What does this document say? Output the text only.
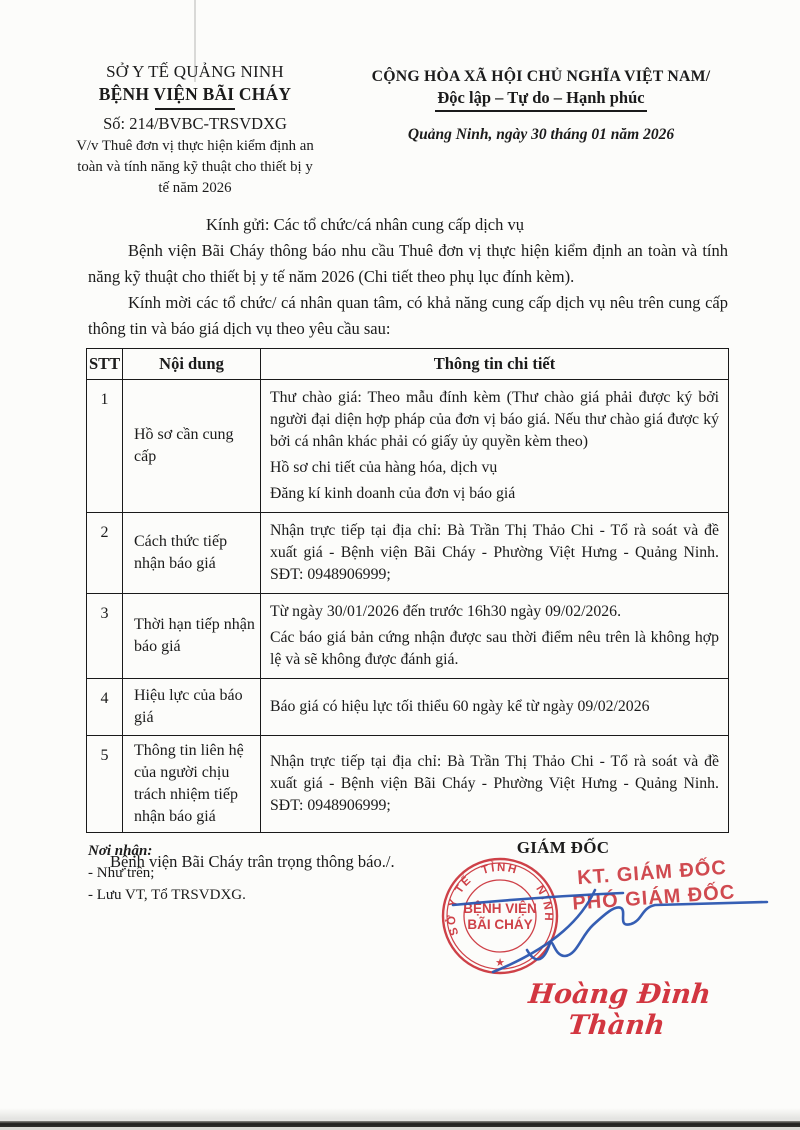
SỞ Y TẾ QUẢNG NINH
BỆNH VIỆN BÃI CHÁY
Số: 214/BVBC-TRSVDXG
V/v Thuê đơn vị thực hiện kiểm định an toàn và tính năng kỹ thuật cho thiết bị y tế năm 2026
CỘNG HÒA XÃ HỘI CHỦ NGHĨA VIỆT NAM/
Độc lập – Tự do – Hạnh phúc
Quảng Ninh, ngày 30 tháng 01 năm 2026
Kính gửi: Các tổ chức/cá nhân cung cấp dịch vụ

Bệnh viện Bãi Cháy thông báo nhu cầu Thuê đơn vị thực hiện kiểm định an toàn và tính năng kỹ thuật cho thiết bị y tế năm 2026 (Chi tiết theo phụ lục đính kèm).

Kính mời các tổ chức/ cá nhân quan tâm, có khả năng cung cấp dịch vụ nêu trên cung cấp thông tin và báo giá dịch vụ theo yêu cầu sau:

STT	Nội dung	Thông tin chi tiết
1	Hồ sơ cần cung cấp	Thư chào giá: Theo mẫu đính kèm (Thư chào giá phải được ký bởi người đại diện hợp pháp của đơn vị báo giá. Nếu thư chào giá được ký bởi cá nhân khác phải có giấy ủy quyền kèm theo)

Hồ sơ chi tiết của hàng hóa, dịch vụ

Đăng kí kinh doanh của đơn vị báo giá

2	Cách thức tiếp nhận báo giá	Nhận trực tiếp tại địa chỉ: Bà Trần Thị Thảo Chi - Tổ rà soát và đề xuất giá - Bệnh viện Bãi Cháy - Phường Việt Hưng - Quảng Ninh. SĐT: 0948906999;

3	Thời hạn tiếp nhận báo giá	Từ ngày 30/01/2026 đến trước 16h30 ngày 09/02/2026.

Các báo giá bản cứng nhận được sau thời điểm nêu trên là không hợp lệ và sẽ không được đánh giá.

4	Hiệu lực của báo giá	Báo giá có hiệu lực tối thiểu 60 ngày kể từ ngày 09/02/2026

5	Thông tin liên hệ của người chịu trách nhiệm tiếp nhận báo giá	Nhận trực tiếp tại địa chỉ: Bà Trần Thị Thảo Chi - Tổ rà soát và đề xuất giá - Bệnh viện Bãi Cháy - Phường Việt Hưng - Quảng Ninh. SĐT: 0948906999;

Bệnh viện Bãi Cháy trân trọng thông báo./.

Nơi nhận:
- Như trên;
- Lưu VT, Tổ TRSVDXG.
GIÁM ĐỐC
SỞ Y TẾ
TỈNH
NINH
BỆNH VIỆN
BÃI CHÁY
★
KT. GIÁM ĐỐC
PHÓ GIÁM ĐỐC
Hoàng Đình Thành
